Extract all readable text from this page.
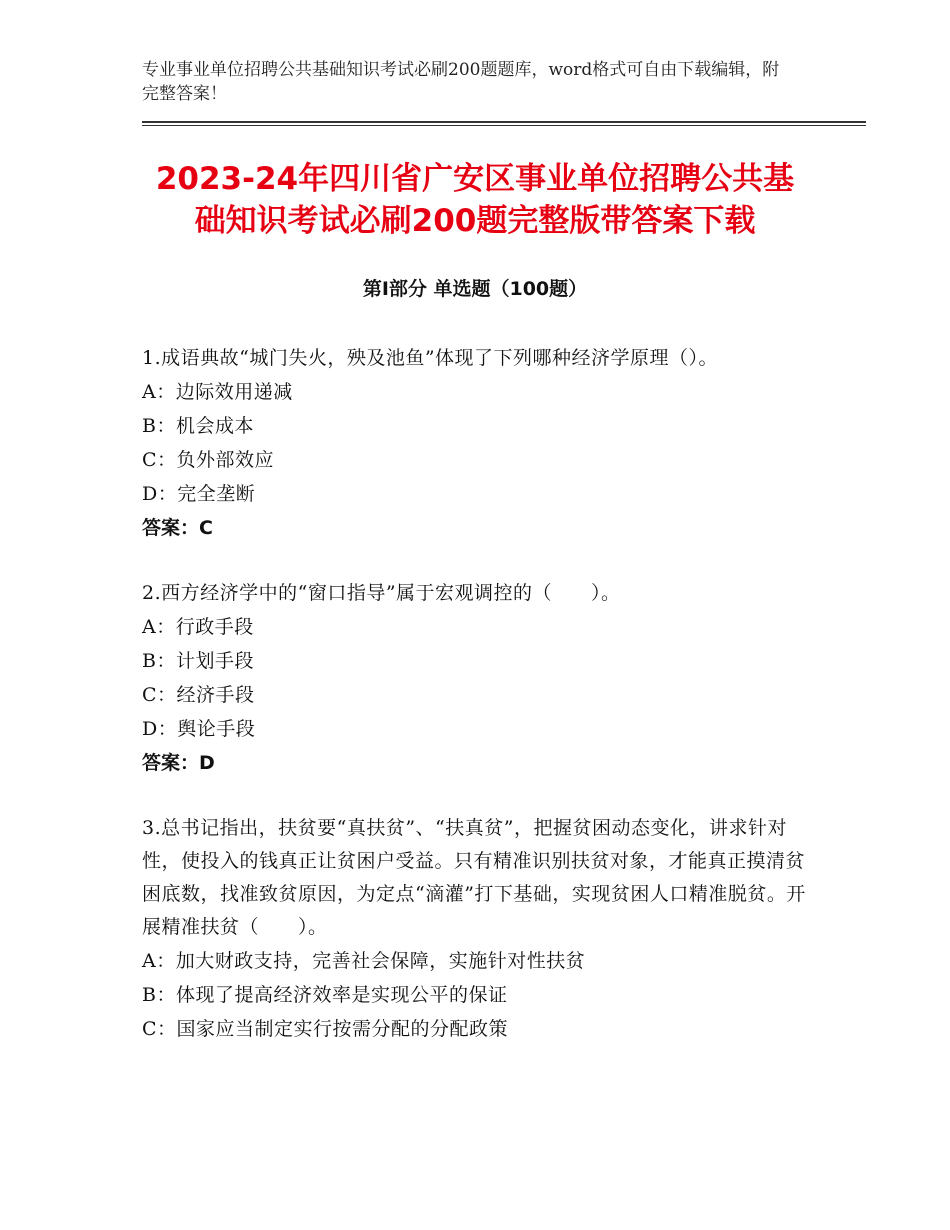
专业事业单位招聘公共基础知识考试必刷200题题库，word格式可自由下载编辑，附完整答案！
2023-24年四川省广安区事业单位招聘公共基础知识考试必刷200题完整版带答案下载
第Ⅰ部分 单选题（100题）

1.成语典故“城门失火，殃及池鱼”体现了下列哪种经济学原理（）。

A：边际效用递减

B：机会成本

C：负外部效应

D：完全垄断

答案：C

2.西方经济学中的“窗口指导”属于宏观调控的（　　）。

A：行政手段

B：计划手段

C：经济手段

D：舆论手段

答案：D

3.总书记指出，扶贫要“真扶贫”、“扶真贫”，把握贫困动态变化，讲求针对性，使投入的钱真正让贫困户受益。只有精准识别扶贫对象，才能真正摸清贫困底数，找准致贫原因，为定点“滴灌”打下基础，实现贫困人口精准脱贫。开展精准扶贫（　　）。

A：加大财政支持，完善社会保障，实施针对性扶贫

B：体现了提高经济效率是实现公平的保证

C：国家应当制定实行按需分配的分配政策
